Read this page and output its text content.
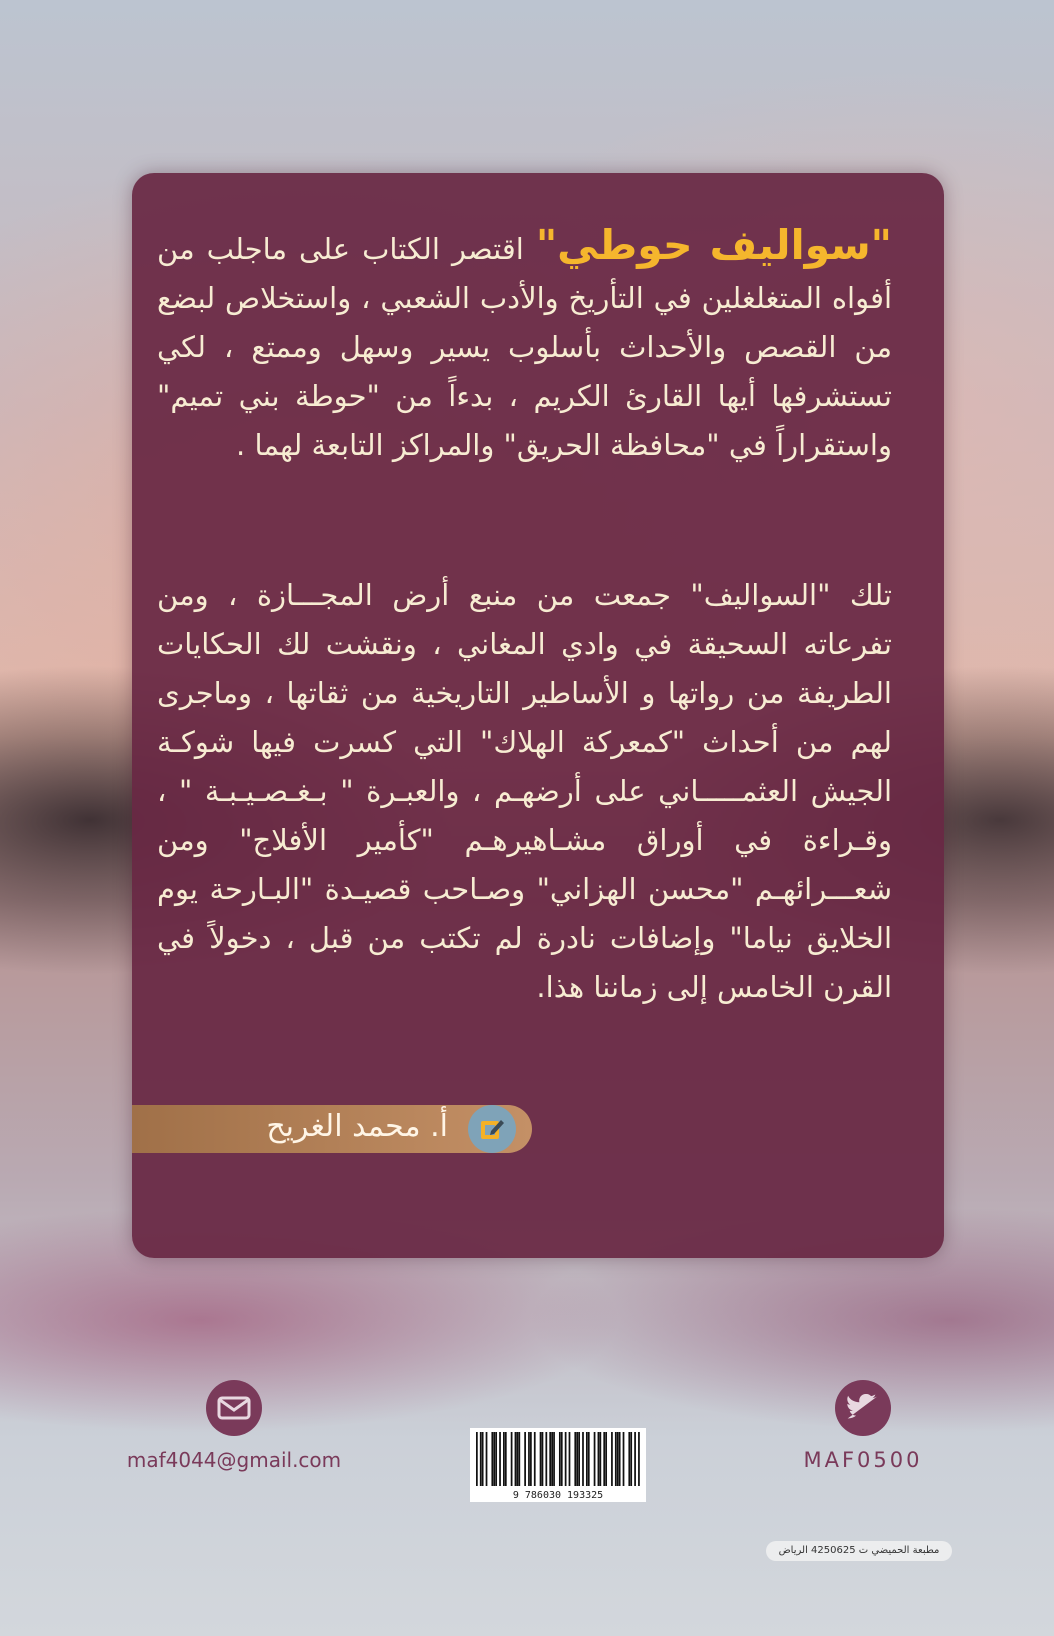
"سواليف حوطي" اقتصر الكتاب على ماجلب من أفواه المتغلغلين في التأريخ والأدب الشعبي ، واستخلاص لبضع من القصص والأحداث بأسلوب يسير وسهل وممتع ، لكي تستشرفها أيها القارئ الكريم ، بدءاً من "حوطة بني تميم" واستقراراً في "محافظة الحريق" والمراكز التابعة لهما .
تلك "السواليف" جمعت من منبع أرض المجـــازة ، ومن تفرعاته السحيقة في وادي المغاني ، ونقشت لك الحكايات الطريفة من رواتها و الأساطير التاريخية من ثقاتها ، وماجرى لهم من أحداث "كمعركة الهلاك" التي كسرت فيها شوكـة الجيش العثمـــــاني على أرضهـم ، والعبـرة " بـغـصـيـبـة " ، وقـراءة في أوراق مشـاهيرهـم "كأمير الأفلاج" ومن شعـــرائهـم "محسن الهزاني" وصـاحب قصيـدة "البـارحة يوم الخلايق نياما" وإضافات نادرة لم تكتب من قبل ، دخولاً في القرن الخامس إلى زماننا هذا.
أ. محمد الغريح
maf4044@gmail.com
9 786030 193325
MAF0500
مطبعة الحميضي ت 4250625 الرياض
